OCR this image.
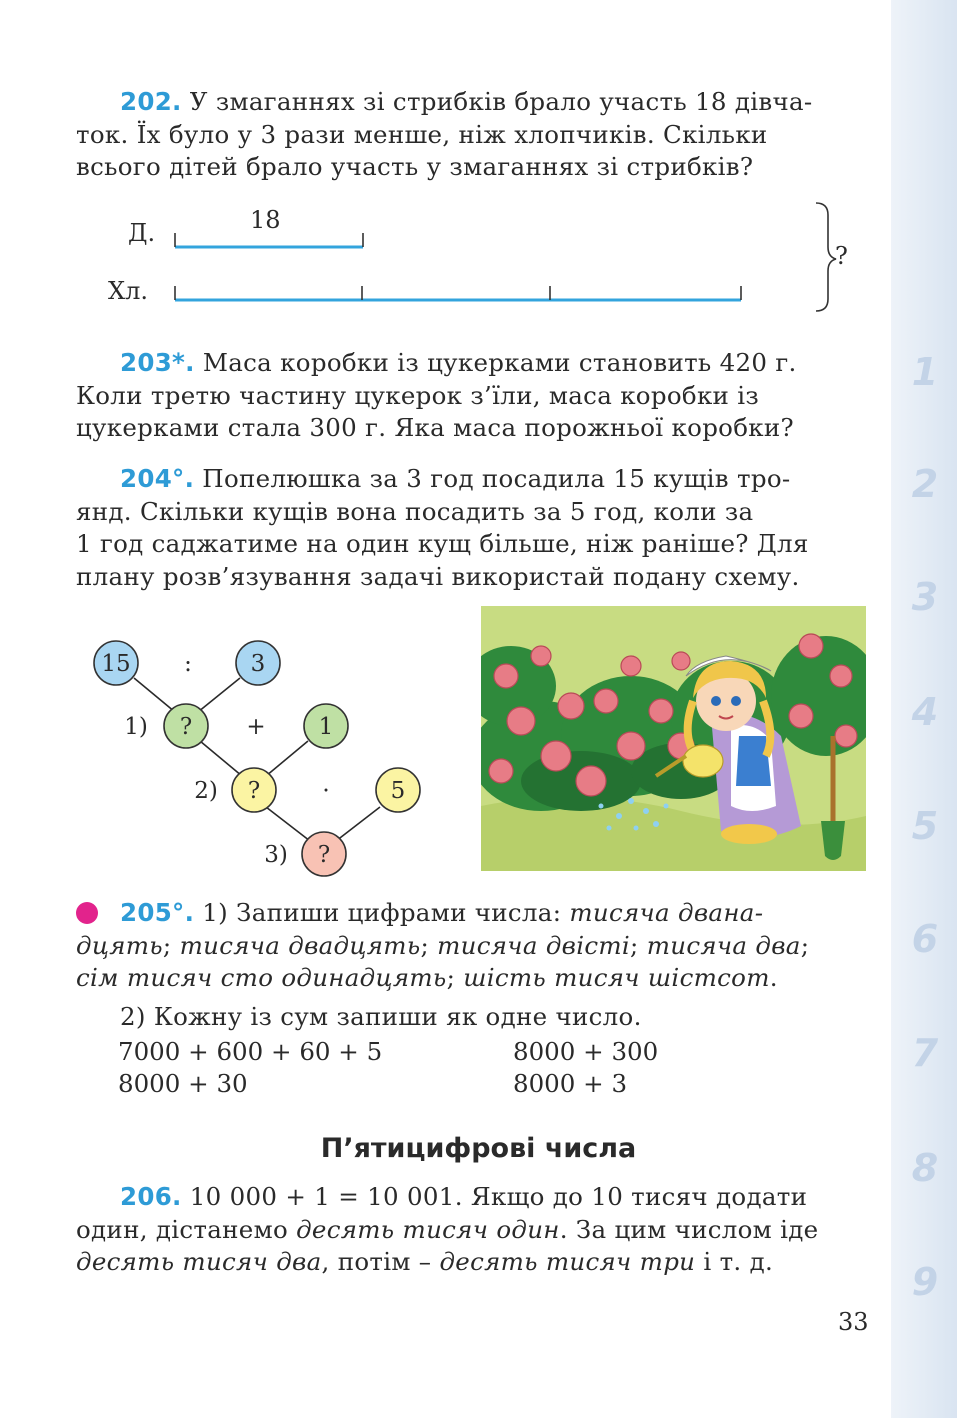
1
2
3
4
5
6
7
8
9
202. У змаганнях зі стрибків брало участь 18 дівча-
ток. Їх було у 3 рази менше, ніж хлопчиків. Скільки
всього дітей брало участь у змаганнях зі стрибків?
Д.
Хл.
18
?
203*. Маса коробки із цукерками становить 420 г.
Коли третю частину цукерок з’їли, маса коробки із
цукерками стала 300 г. Яка маса порожньої коробки?
204°. Попелюшка за 3 год посадила 15 кущів тро-
янд. Скільки кущів вона посадить за 5 год, коли за
1 год саджатиме на один кущ більше, ніж раніше? Для
плану розв’язування задачі використай подану схему.
15 :	3
1) ? + 1
2) ?	·	5
3) ?
205°. 1) Запиши цифрами числа: тисяча двана-
дцять; тисяча двадцять; тисяча двісті; тисяча два;
сім тисяч сто одинадцять; шість тисяч шістсот.
2) Кожну із сум запиши як одне число.
7000 + 600 + 60 + 5	8000 + 300
8000 + 30	8000 + 3
П’ятицифрові числа
206. 10 000 + 1 = 10 001. Якщо до 10 тисяч додати
один, дістанемо десять тисяч один. За цим числом іде
десять тисяч два, потім – десять тисяч три і т. д.
33
